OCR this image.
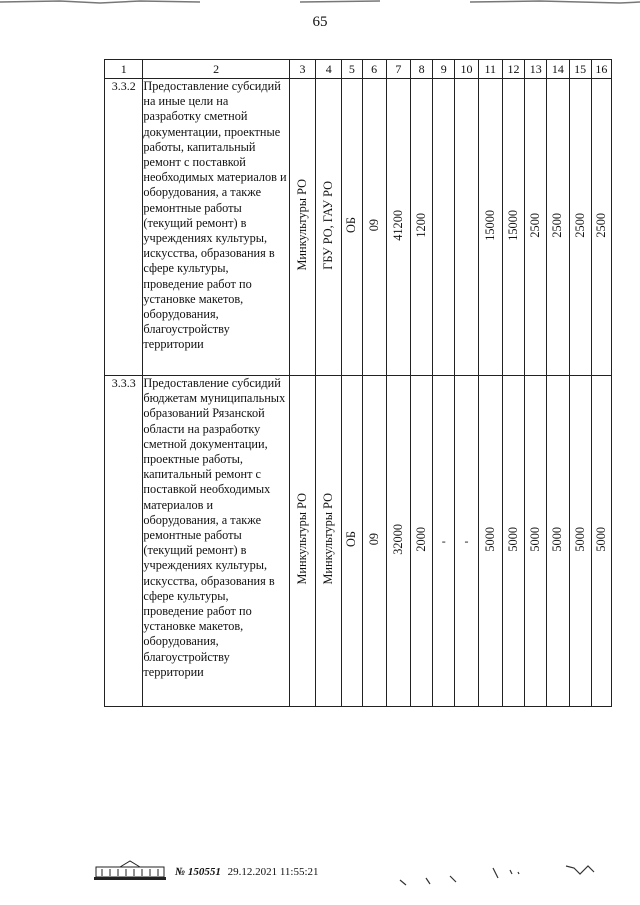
65
1	2	3	4	5	6	7	8	9	10	11	12	13	14	15	16
3.3.2	Предоставление субсидий на иные цели на разработку сметной документации, проектные работы, капитальный ремонт с поставкой необходимых материалов и оборудования, а также ремонтные работы (текущий ремонт) в учреждениях культуры, искусства, образования в сфере культуры, проведение работ по установке макетов, оборудования, благоустройству территории	Минкультуры РО	ГБУ РО, ГАУ РО	ОБ	09	41200	1200			15000	15000	2500	2500	2500	2500
3.3.3	Предоставление субсидий бюджетам муниципальных образований Рязанской области на разработку сметной документации, проектные работы, капитальный ремонт с поставкой необходимых материалов и оборудования, а также ремонтные работы (текущий ремонт) в учреждениях культуры, искусства, образования в сфере культуры, проведение работ по установке макетов, оборудования, благоустройству территории	Минкультуры РО	Минкультуры РО	ОБ	09	32000	2000	-	-	5000	5000	5000	5000	5000	5000
№ 150551 29.12.2021 11:55:21
